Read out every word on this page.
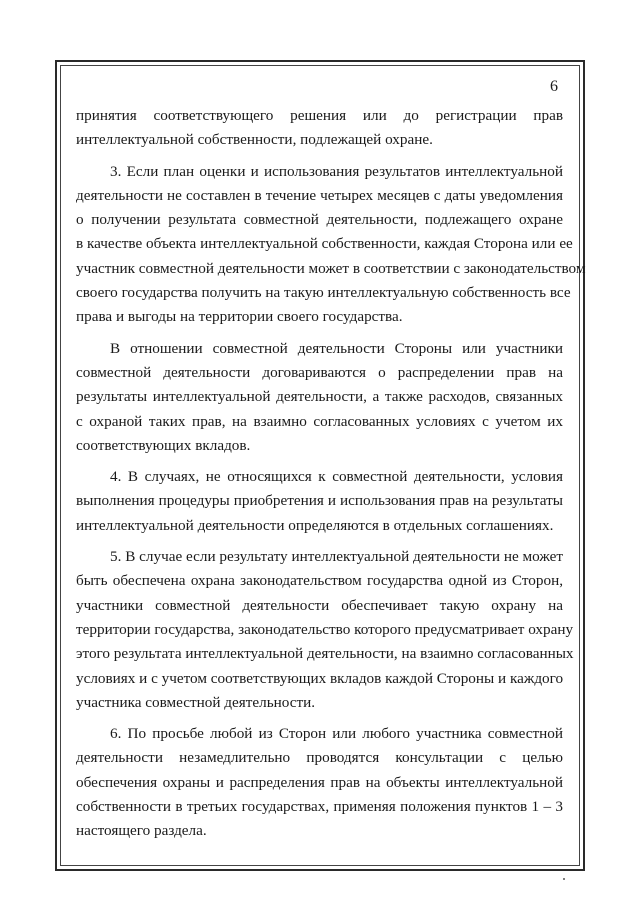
6
принятия соответствующего решения или до регистрации прав
интеллектуальной собственности, подлежащей охране.
3. Если план оценки и использования результатов интеллектуальной
деятельности не составлен в течение четырех месяцев с даты уведомления
о получении результата совместной деятельности, подлежащего охране
в качестве объекта интеллектуальной собственности, каждая Сторона или ее
участник совместной деятельности может в соответствии с законодательством
своего государства получить на такую интеллектуальную собственность все
права и выгоды на территории своего государства.
В отношении совместной деятельности Стороны или участники
совместной деятельности договариваются о распределении прав на
результаты интеллектуальной деятельности, а также расходов, связанных
с охраной таких прав, на взаимно согласованных условиях с учетом их
соответствующих вкладов.
4. В случаях, не относящихся к совместной деятельности, условия
выполнения процедуры приобретения и использования прав на результаты
интеллектуальной деятельности определяются в отдельных соглашениях.
5. В случае если результату интеллектуальной деятельности не может
быть обеспечена охрана законодательством государства одной из Сторон,
участники совместной деятельности обеспечивает такую охрану на
территории государства, законодательство которого предусматривает охрану
этого результата интеллектуальной деятельности, на взаимно согласованных
условиях и с учетом соответствующих вкладов каждой Стороны и каждого
участника совместной деятельности.
6. По просьбе любой из Сторон или любого участника совместной
деятельности незамедлительно проводятся консультации с целью
обеспечения охраны и распределения прав на объекты интеллектуальной
собственности в третьих государствах, применяя положения пунктов 1 – 3
настоящего раздела.
